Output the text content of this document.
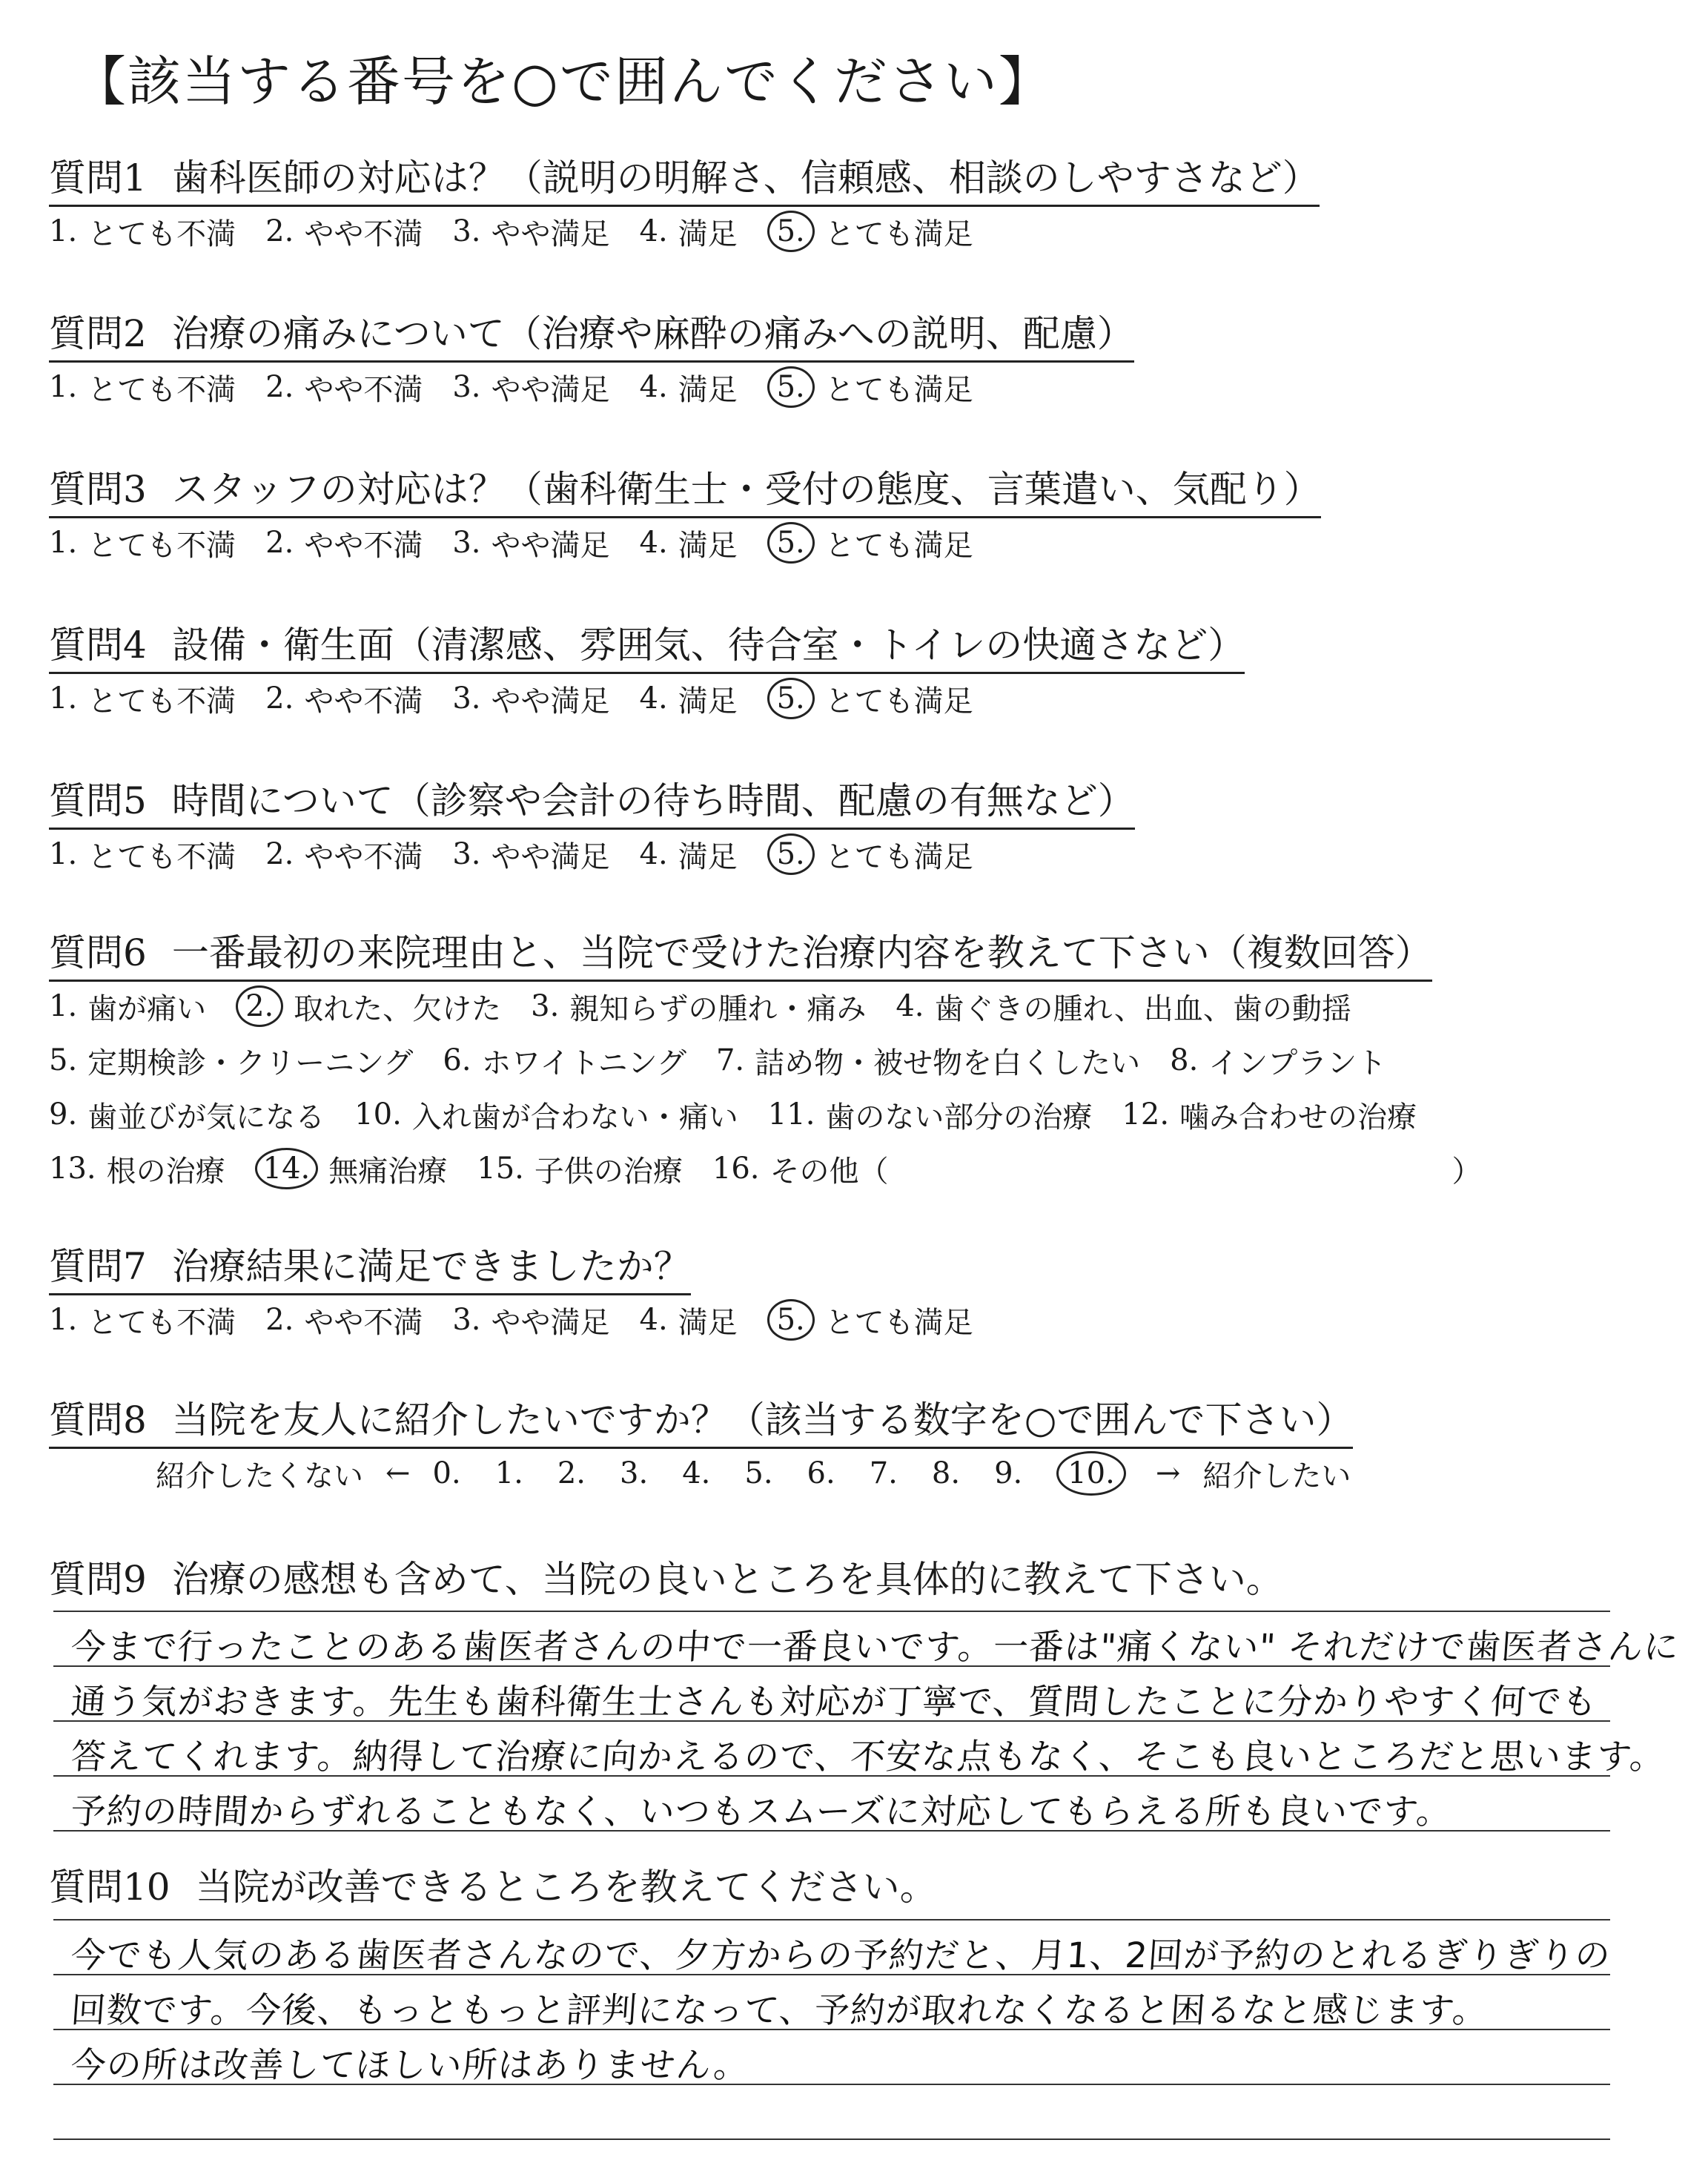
【該当する番号を○で囲んでください】
質問1 歯科医師の対応は？（説明の明解さ、信頼感、相談のしやすさなど）
1. とても不満 2. やや不満 3. やや満足 4. 満足	5. とても満足
質問2 治療の痛みについて（治療や麻酔の痛みへの説明、配慮）
1. とても不満 2. やや不満 3. やや満足 4. 満足	5. とても満足
質問3 スタッフの対応は？（歯科衛生士・受付の態度、言葉遣い、気配り）
1. とても不満 2. やや不満 3. やや満足 4. 満足	5. とても満足
質問4 設備・衛生面（清潔感、雰囲気、待合室・トイレの快適さなど）
1. とても不満 2. やや不満 3. やや満足 4. 満足	5. とても満足
質問5 時間について（診察や会計の待ち時間、配慮の有無など）
1. とても不満 2. やや不満 3. やや満足 4. 満足	5. とても満足
質問6 一番最初の来院理由と、当院で受けた治療内容を教えて下さい（複数回答）
1. 歯が痛い	2. 取れた、欠けた 3. 親知らずの腫れ・痛み 4. 歯ぐきの腫れ、出血、歯の動揺
5. 定期検診・クリーニング 6. ホワイトニング 7. 詰め物・被せ物を白くしたい 8. インプラント
9. 歯並びが気になる 10. 入れ歯が合わない・痛い 11. 歯のない部分の治療 12. 噛み合わせの治療
13. 根の治療 14. 無痛治療 15. 子供の治療 16. その他（	）
質問7 治療結果に満足できましたか？
1. とても不満 2. やや不満 3. やや満足 4. 満足	5. とても満足
質問8 当院を友人に紹介したいですか？（該当する数字を○で囲んで下さい）
紹介したくない ← 0. 1. 2. 3. 4. 5. 6. 7. 8. 9.	10.	→ 紹介したい
質問9 治療の感想も含めて、当院の良いところを具体的に教えて下さい。
今まで行ったことのある歯医者さんの中で一番良いです。一番は"痛くない" それだけで歯医者さんに
通う気がおきます。先生も歯科衛生士さんも対応が丁寧で、質問したことに分かりやすく何でも
答えてくれます。納得して治療に向かえるので、不安な点もなく、そこも良いところだと思います。
予約の時間からずれることもなく、いつもスムーズに対応してもらえる所も良いです。
質問10 当院が改善できるところを教えてください。
今でも人気のある歯医者さんなので、夕方からの予約だと、月1、2回が予約のとれるぎりぎりの
回数です。今後、もっともっと評判になって、予約が取れなくなると困るなと感じます。
今の所は改善してほしい所はありません。
